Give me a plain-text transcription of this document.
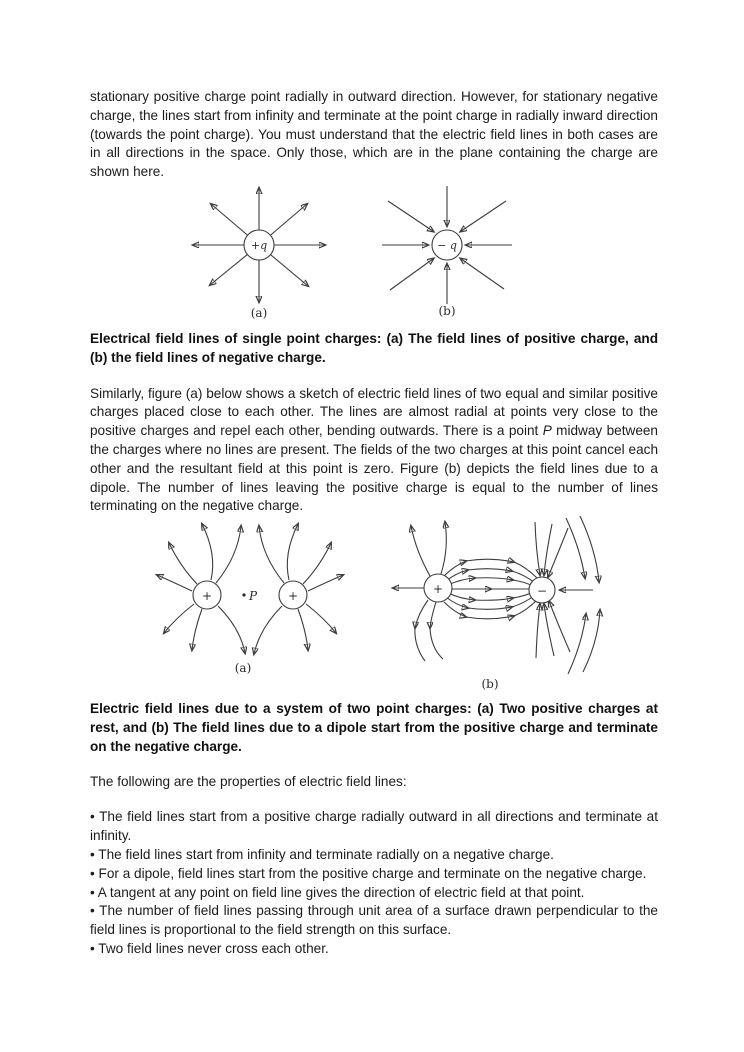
stationary positive charge point radially in outward direction. However, for stationary negative charge, the lines start from infinity and terminate at the point charge in radially inward direction (towards the point charge). You must understand that the electric field lines in both cases are in all directions in the space. Only those, which are in the plane containing the charge are shown here.

+q	− q
(a)	(b)

Electrical field lines of single point charges: (a) The field lines of positive charge, and (b) the field lines of negative charge.

Similarly, figure (a) below shows a sketch of electric field lines of two equal and similar positive charges placed close to each other. The lines are almost radial at points very close to the positive charges and repel each other, bending outwards. There is a point P midway between the charges where no lines are present. The fields of the two charges at this point cancel each other and the resultant field at this point is zero. Figure (b) depicts the field lines due to a dipole. The number of lines leaving the positive charge is equal to the number of lines terminating on the negative charge.

+	+
P
(a)
+	−
(b)

Electric field lines due to a system of two point charges: (a) Two positive charges at rest, and (b) The field lines due to a dipole start from the positive charge and terminate on the negative charge.

The following are the properties of electric field lines:

• The field lines start from a positive charge radially outward in all directions and terminate at infinity.

• The field lines start from infinity and terminate radially on a negative charge.

• For a dipole, field lines start from the positive charge and terminate on the negative charge.

• A tangent at any point on field line gives the direction of electric field at that point.

• The number of field lines passing through unit area of a surface drawn perpendicular to the field lines is proportional to the field strength on this surface.

• Two field lines never cross each other.
